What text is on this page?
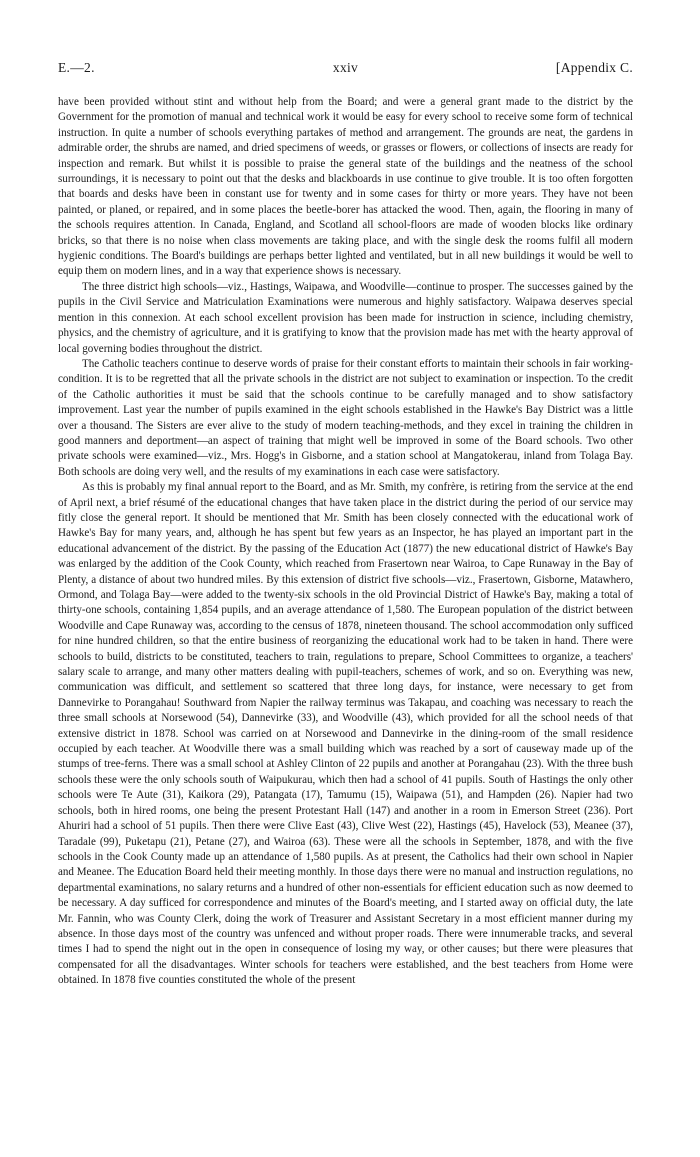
E.—2.	xxiv	[Appendix C.

have been provided without stint and without help from the Board; and were a general grant made to the district by the Government for the promotion of manual and technical work it would be easy for every school to receive some form of technical instruction. In quite a number of schools everything partakes of method and arrangement. The grounds are neat, the gardens in admirable order, the shrubs are named, and dried specimens of weeds, or grasses or flowers, or collections of insects are ready for inspection and remark. But whilst it is possible to praise the general state of the buildings and the neatness of the school surroundings, it is necessary to point out that the desks and blackboards in use continue to give trouble. It is too often forgotten that boards and desks have been in constant use for twenty and in some cases for thirty or more years. They have not been painted, or planed, or repaired, and in some places the beetle-borer has attacked the wood. Then, again, the flooring in many of the schools requires attention. In Canada, England, and Scotland all school-floors are made of wooden blocks like ordinary bricks, so that there is no noise when class movements are taking place, and with the single desk the rooms fulfil all modern hygienic conditions. The Board's buildings are perhaps better lighted and ventilated, but in all new buildings it would be well to equip them on modern lines, and in a way that experience shows is necessary.

The three district high schools—viz., Hastings, Waipawa, and Woodville—continue to prosper. The successes gained by the pupils in the Civil Service and Matriculation Examinations were numerous and highly satisfactory. Waipawa deserves special mention in this connexion. At each school excellent provision has been made for instruction in science, including chemistry, physics, and the chemistry of agriculture, and it is gratifying to know that the provision made has met with the hearty approval of local governing bodies throughout the district.

The Catholic teachers continue to deserve words of praise for their constant efforts to maintain their schools in fair working-condition. It is to be regretted that all the private schools in the district are not subject to examination or inspection. To the credit of the Catholic authorities it must be said that the schools continue to be carefully managed and to show satisfactory improvement. Last year the number of pupils examined in the eight schools established in the Hawke's Bay District was a little over a thousand. The Sisters are ever alive to the study of modern teaching-methods, and they excel in training the children in good manners and deportment—an aspect of training that might well be improved in some of the Board schools. Two other private schools were examined—viz., Mrs. Hogg's in Gisborne, and a station school at Mangatokerau, inland from Tolaga Bay. Both schools are doing very well, and the results of my examinations in each case were satisfactory.

As this is probably my final annual report to the Board, and as Mr. Smith, my confrère, is retiring from the service at the end of April next, a brief résumé of the educational changes that have taken place in the district during the period of our service may fitly close the general report. It should be mentioned that Mr. Smith has been closely connected with the educational work of Hawke's Bay for many years, and, although he has spent but few years as an Inspector, he has played an important part in the educational advancement of the district. By the passing of the Education Act (1877) the new educational district of Hawke's Bay was enlarged by the addition of the Cook County, which reached from Frasertown near Wairoa, to Cape Runaway in the Bay of Plenty, a distance of about two hundred miles. By this extension of district five schools—viz., Frasertown, Gisborne, Matawhero, Ormond, and Tolaga Bay—were added to the twenty-six schools in the old Provincial District of Hawke's Bay, making a total of thirty-one schools, containing 1,854 pupils, and an average attendance of 1,580. The European population of the district between Woodville and Cape Runaway was, according to the census of 1878, nineteen thousand. The school accommodation only sufficed for nine hundred children, so that the entire business of reorganizing the educational work had to be taken in hand. There were schools to build, districts to be constituted, teachers to train, regulations to prepare, School Committees to organize, a teachers' salary scale to arrange, and many other matters dealing with pupil-teachers, schemes of work, and so on. Everything was new, communication was difficult, and settlement so scattered that three long days, for instance, were necessary to get from Dannevirke to Porangahau! Southward from Napier the railway terminus was Takapau, and coaching was necessary to reach the three small schools at Norsewood (54), Dannevirke (33), and Woodville (43), which provided for all the school needs of that extensive district in 1878. School was carried on at Norsewood and Dannevirke in the dining-room of the small residence occupied by each teacher. At Woodville there was a small building which was reached by a sort of causeway made up of the stumps of tree-ferns. There was a small school at Ashley Clinton of 22 pupils and another at Porangahau (23). With the three bush schools these were the only schools south of Waipukurau, which then had a school of 41 pupils. South of Hastings the only other schools were Te Aute (31), Kaikora (29), Patangata (17), Tamumu (15), Waipawa (51), and Hampden (26). Napier had two schools, both in hired rooms, one being the present Protestant Hall (147) and another in a room in Emerson Street (236). Port Ahuriri had a school of 51 pupils. Then there were Clive East (43), Clive West (22), Hastings (45), Havelock (53), Meanee (37), Taradale (99), Puketapu (21), Petane (27), and Wairoa (63). These were all the schools in September, 1878, and with the five schools in the Cook County made up an attendance of 1,580 pupils. As at present, the Catholics had their own school in Napier and Meanee. The Education Board held their meeting monthly. In those days there were no manual and instruction regulations, no departmental examinations, no salary returns and a hundred of other non-essentials for efficient education such as now deemed to be necessary. A day sufficed for correspondence and minutes of the Board's meeting, and I started away on official duty, the late Mr. Fannin, who was County Clerk, doing the work of Treasurer and Assistant Secretary in a most efficient manner during my absence. In those days most of the country was unfenced and without proper roads. There were innumerable tracks, and several times I had to spend the night out in the open in consequence of losing my way, or other causes; but there were pleasures that compensated for all the disadvantages. Winter schools for teachers were established, and the best teachers from Home were obtained. In 1878 five counties constituted the whole of the present
